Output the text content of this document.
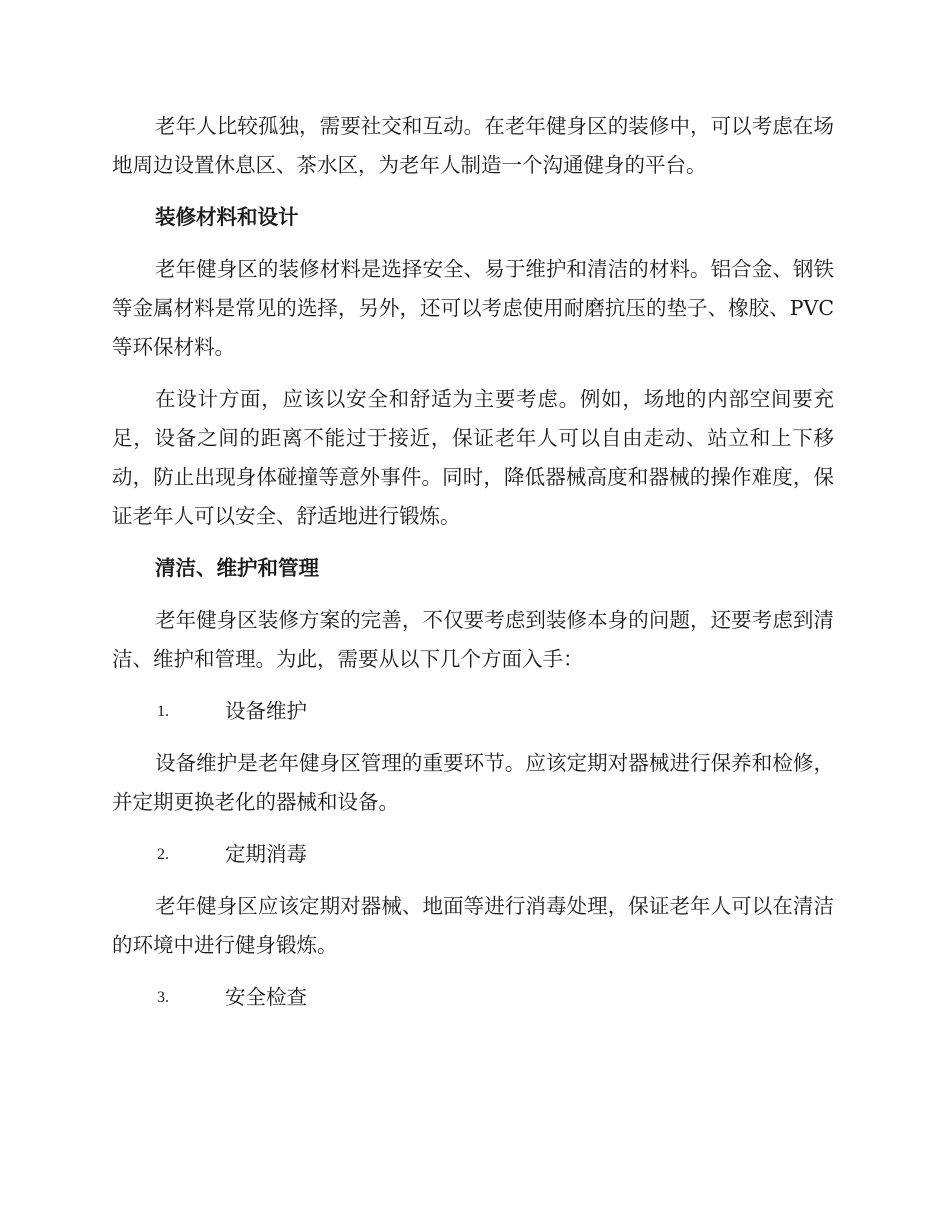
老年人比较孤独，需要社交和互动。在老年健身区的装修中，可以考虑在场地周边设置休息区、茶水区，为老年人制造一个沟通健身的平台。

装修材料和设计

老年健身区的装修材料是选择安全、易于维护和清洁的材料。铝合金、钢铁等金属材料是常见的选择，另外，还可以考虑使用耐磨抗压的垫子、橡胶、PVC等环保材料。

在设计方面，应该以安全和舒适为主要考虑。例如，场地的内部空间要充足，设备之间的距离不能过于接近，保证老年人可以自由走动、站立和上下移动，防止出现身体碰撞等意外事件。同时，降低器械高度和器械的操作难度，保证老年人可以安全、舒适地进行锻炼。

清洁、维护和管理

老年健身区装修方案的完善，不仅要考虑到装修本身的问题，还要考虑到清洁、维护和管理。为此，需要从以下几个方面入手：

1.	设备维护

设备维护是老年健身区管理的重要环节。应该定期对器械进行保养和检修，并定期更换老化的器械和设备。

2.	定期消毒

老年健身区应该定期对器械、地面等进行消毒处理，保证老年人可以在清洁的环境中进行健身锻炼。

3.	安全检查
